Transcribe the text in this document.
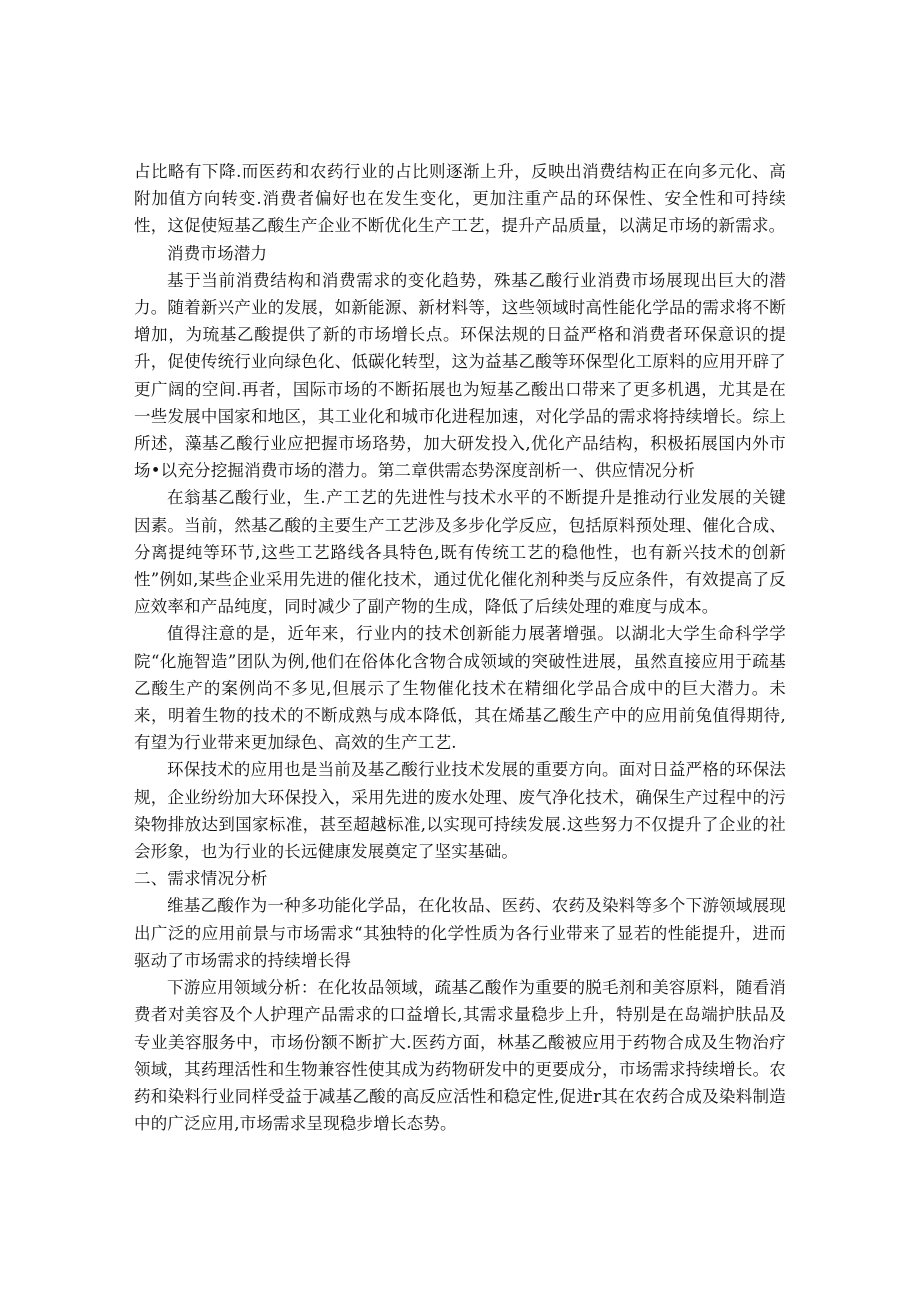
占比略有下降.而医药和农药行业的占比则逐渐上升，反映出消费结构正在向多元化、高附加值方向转变.消费者偏好也在发生变化，更加注重产品的环保性、安全性和可持续性，这促使短基乙酸生产企业不断优化生产工艺，提升产品质量，以满足市场的新需求。

消费市场潜力

基于当前消费结构和消费需求的变化趋势，殊基乙酸行业消费市场展现出巨大的潜力。随着新兴产业的发展，如新能源、新材料等，这些领域时高性能化学品的需求将不断增加，为琉基乙酸提供了新的市场增长点。环保法规的日益严格和消费者环保意识的提升，促使传统行业向绿色化、低碳化转型，这为益基乙酸等环保型化工原料的应用开辟了更广阔的空间.再者，国际市场的不断拓展也为短基乙酸出口带来了更多机遇，尤其是在一些发展中国家和地区，其工业化和城市化进程加速，对化学品的需求将持续增长。综上所述，藻基乙酸行业应把握市场珞势，加大研发投入,优化产品结构，积极拓展国内外市场•以充分挖掘消费市场的潜力。第二章供需态势深度剖析一、供应情况分析

在翁基乙酸行业，生.产工艺的先进性与技术水平的不断提升是推动行业发展的关键因素。当前，然基乙酸的主要生产工艺涉及多步化学反应，包括原料预处理、催化合成、分离提纯等环节,这些工艺路线各具特色,既有传统工艺的稳他性，也有新兴技术的创新性”例如,某些企业采用先进的催化技术，通过优化催化剂种类与反应条件，有效提高了反应效率和产品纯度，同时减少了副产物的生成，降低了后续处理的难度与成本。

值得注意的是，近年来，行业内的技术创新能力展著增强。以湖北大学生命科学学院“化施智造”团队为例,他们在俗体化含物合成领域的突破性进展，虽然直接应用于疏基乙酸生产的案例尚不多见,但展示了生物催化技术在精细化学品合成中的巨大潜力。未来，明着生物的技术的不断成熟与成本降低，其在烯基乙酸生产中的应用前兔值得期待,有望为行业带来更加绿色、高效的生产工艺.

环保技术的应用也是当前及基乙酸行业技术发展的重要方向。面对日益严格的环保法规，企业纷纷加大环保投入，采用先进的废水处理、废气净化技术，确保生产过程中的污染物排放达到国家标准，甚至超越标准,以实现可持续发展.这些努力不仅提升了企业的社会形象，也为行业的长远健康发展奠定了坚实基础。

二、需求情况分析

维基乙酸作为一种多功能化学品，在化妆品、医药、农药及染料等多个下游领域展现出广泛的应用前景与市场需求“其独特的化学性质为各行业带来了显若的性能提升，进而驱动了市场需求的持续增长得

下游应用领域分析：在化妆品领域，疏基乙酸作为重要的脱毛剂和美容原料，随看消费者对美容及个人护理产品需求的口益增长,其需求量稳步上升，特别是在岛端护肤品及专业美容服务中，市场份额不断扩大.医药方面，林基乙酸被应用于药物合成及生物治疗领域，其药理活性和生物兼容性使其成为药物研发中的更要成分，市场需求持续增长。农药和染料行业同样受益于减基乙酸的高反应活性和稳定性,促进r其在农药合成及染料制造中的广泛应用,市场需求呈现稳步增长态势。
